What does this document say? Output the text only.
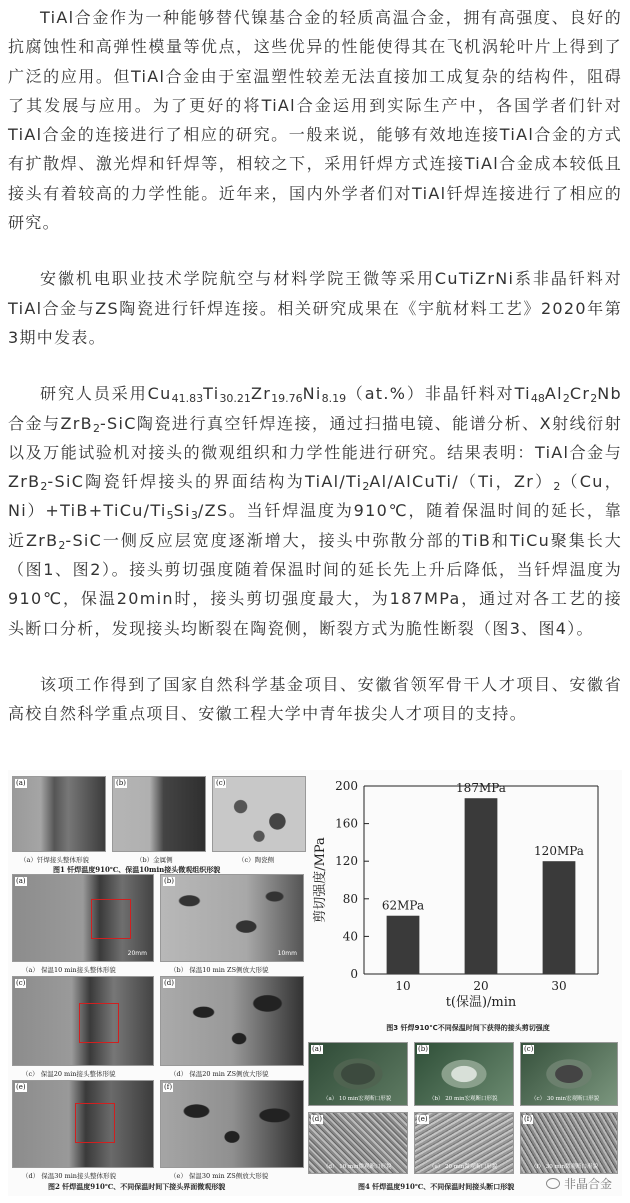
TiAl合金作为一种能够替代镍基合金的轻质高温合金，拥有高强度、良好的抗腐蚀性和高弹性模量等优点，这些优异的性能使得其在飞机涡轮叶片上得到了广泛的应用。但TiAl合金由于室温塑性较差无法直接加工成复杂的结构件，阻碍了其发展与应用。为了更好的将TiAl合金运用到实际生产中，各国学者们针对TiAl合金的连接进行了相应的研究。一般来说，能够有效地连接TiAl合金的方式有扩散焊、激光焊和钎焊等，相较之下，采用钎焊方式连接TiAl合金成本较低且接头有着较高的力学性能。近年来，国内外学者们对TiAl钎焊连接进行了相应的研究。

安徽机电职业技术学院航空与材料学院王微等采用CuTiZrNi系非晶钎料对TiAl合金与ZS陶瓷进行钎焊连接。相关研究成果在《宇航材料工艺》2020年第3期中发表。

研究人员采用$Cu_{41.83}Ti_{30.21}Zr_{19.76}Ni_{8.19}(at.\%)$非晶钎料对$Ti_{48}Al_2Cr_2Nb$合金与ZrB$_2$-SiC陶瓷进行真空钎焊连接，通过扫描电镜、能谱分析、X射线衍射以及万能试验机对接头的微观组织和力学性能进行研究。结果表明：TiAl合金与ZrB$_2$-SiC陶瓷钎焊接头的界面结构为TiAl/$Ti_2Al/AlCuTi/(Ti$，$Zr)_2(Cu$，$Ni)+TiB+TiCu/Ti_5Si_3/ZS$。当钎焊温度为910℃，随着保温时间的延长，靠近ZrB$_2$-SiC一侧反应层宽度逐渐增大，接头中弥散分部的TiB和TiCu聚集长大（图1、图2）。接头剪切强度随着保温时间的延长先上升后降低，当钎焊温度为910℃，保温20min时，接头剪切强度最大，为187MPa，通过对各工艺的接头断口分析，发现接头均断裂在陶瓷侧，断裂方式为脆性断裂（图3、图4）。

该项工作得到了国家自然科学基金项目、安徽省领军骨干人才项目、安徽省高校自然科学重点项目、安徽工程大学中青年拔尖人才项目的支持。

(a)	(b)	(c)
（a）钎焊接头整体形貌	（b）金属侧	（c）陶瓷侧
图1 钎焊温度910℃、保温10min接头微观组织形貌
(a)
20mm
(b)
10mm
（a） 保温10 min接头整体形貌	（b） 保温10 min ZS侧放大形貌
(c)	(d)
（c） 保温20 min接头整体形貌	（d） 保温20 min ZS侧放大形貌
(e)	(f)
（d） 保温30 min接头整体形貌	（e） 保温30 min ZS侧放大形貌
图2 钎焊温度910℃、不同保温时间下接头界面微观形貌
0
40
80
120
160
200
10	20	30
62MPa
187MPa
120MPa
剪切强度/MPa
t(保温)/min
图3 钎焊910℃不同保温时间下获得的接头剪切强度
(a)
（a） 10 min宏观断口形貌
(b)
（b） 20 min宏观断口形貌
(c)
（c） 30 min宏观断口形貌
(d)
（d） 10 min微观断口形貌
(e)
（e） 20 min微观断口形貌
(f)
（f） 30 min微观断口形貌
图4 钎焊温度910℃、不同保温时间接头断口形貌	非晶合金
